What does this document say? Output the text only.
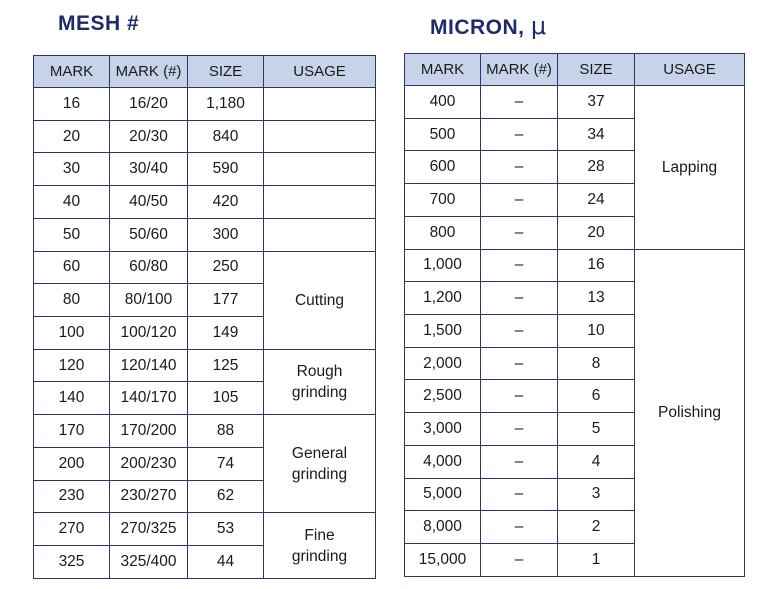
MESH #	MICRON, μ
MARK	MARK (#)	SIZE	USAGE
16	16/20	1,180	
20	20/30	840	
30	30/40	590	
40	40/50	420	
50	50/60	300	
60	60/80	250	Cutting
80	80/100	177	
100	100/120	149	
120	120/140	125	Rough
grinding
140	140/170	105	
170	170/200	88	General
grinding
200	200/230	74	
230	230/270	62	
270	270/325	53	Fine
grinding
325	325/400	44	
MARK	MARK (#)	SIZE	USAGE
400	–	37	Lapping
500	–	34	
600	–	28	
700	–	24	
800	–	20	
1,000	–	16	Polishing
1,200	–	13	
1,500	–	10	
2,000	–	8	
2,500	–	6	
3,000	–	5	
4,000	–	4	
5,000	–	3	
8,000	–	2	
15,000	–	1	
